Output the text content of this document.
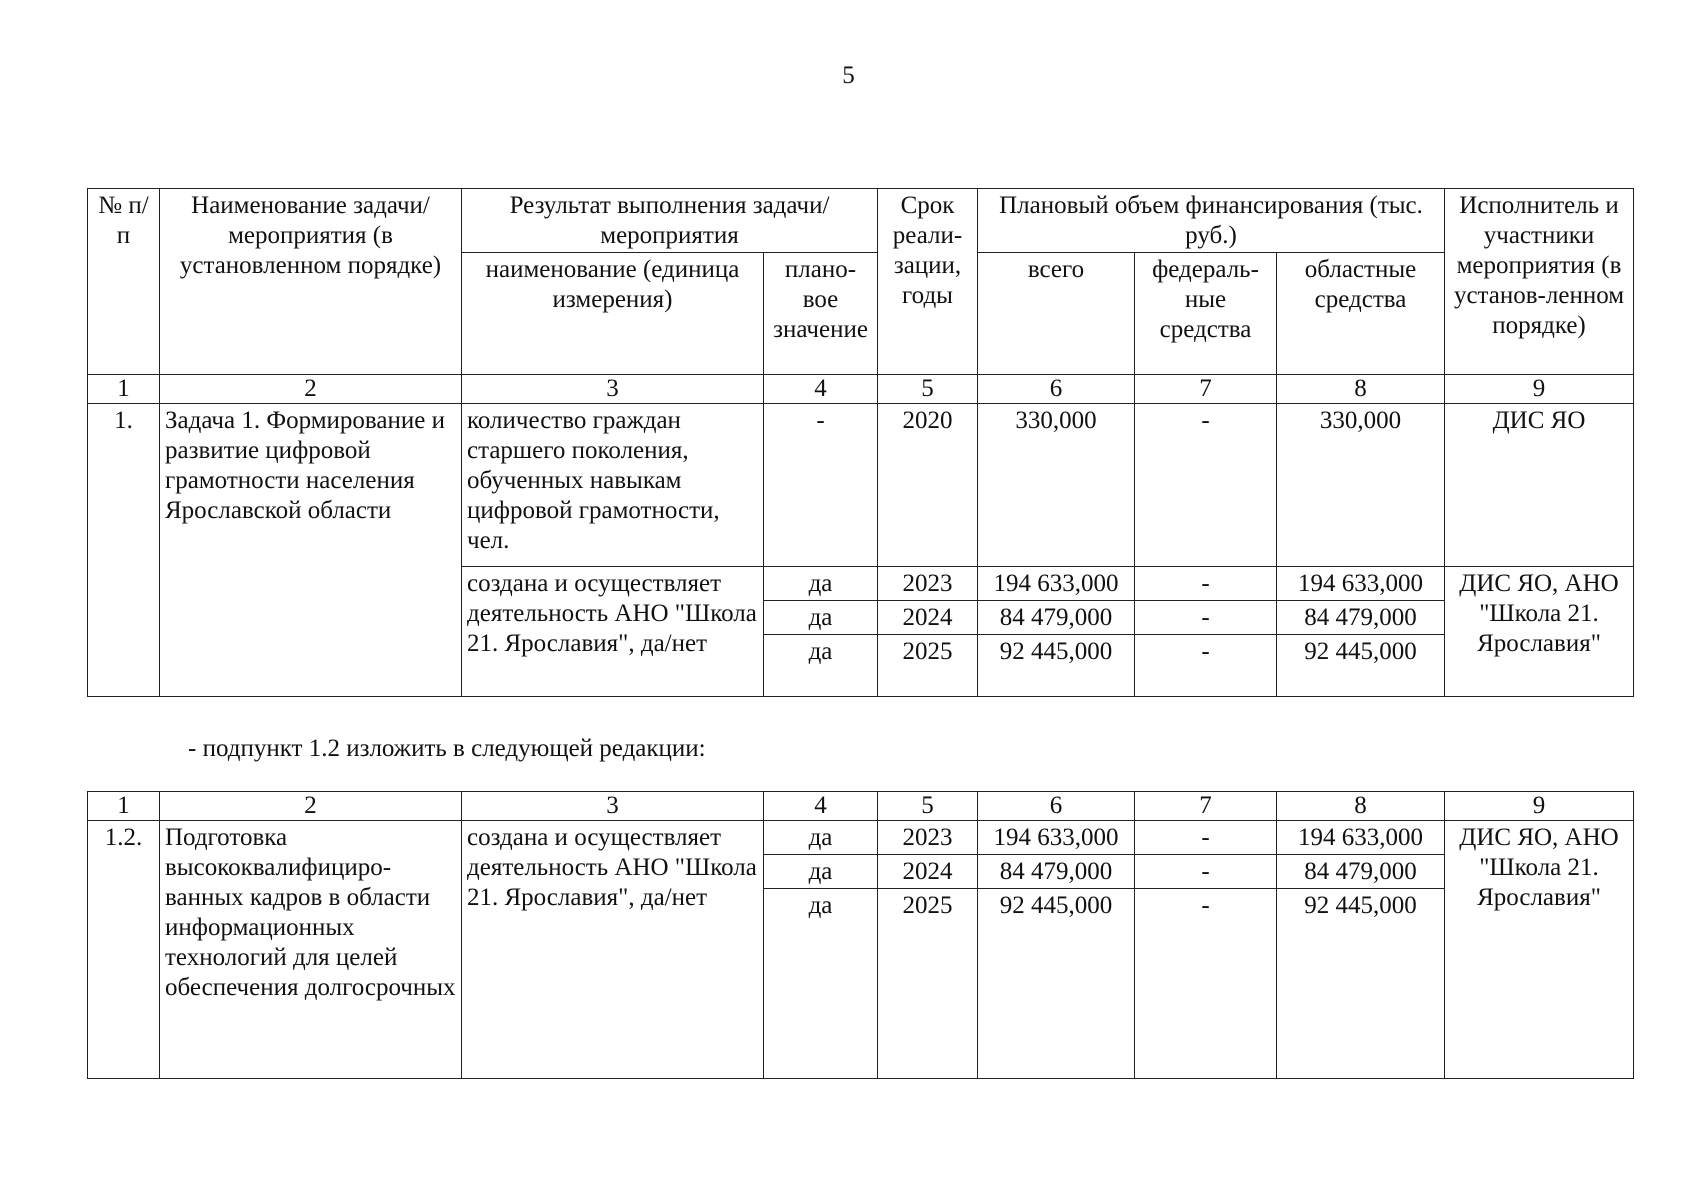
5
№ п/п	Наименование задачи/мероприятия (в установленном порядке)	Результат выполнения задачи/мероприятия		Срок реали-зации, годы	Плановый объем финансирования (тыс. руб.)			Исполнитель и участники мероприятия (в установ-ленном порядке)
		наименование (единица измерения)	плано-вое значение		всего	федераль-ные средства	областные средства	
1	2	3	4	5	6	7	8	9
1.	Задача 1. Формирование и развитие цифровой грамотности населения Ярославской области	количество граждан старшего поколения, обученных навыкам цифровой грамотности, чел.	-	2020	330,000	-	330,000	ДИС ЯО
		создана и осуществляет деятельность АНО "Школа 21. Ярославия", да/нет	да	2023	194 633,000	-	194 633,000	ДИС ЯО, АНО "Школа 21. Ярославия"
			да	2024	84 479,000	-	84 479,000	
			да	2025	92 445,000	-	92 445,000	
- подпункт 1.2 изложить в следующей редакции:
1	2	3	4	5	6	7	8	9
1.2.	Подготовка высококвалифициро-ванных кадров в области информационных технологий для целей обеспечения долгосрочных	создана и осуществляет деятельность АНО "Школа 21. Ярославия", да/нет	да	2023	194 633,000	-	194 633,000	ДИС ЯО, АНО "Школа 21. Ярославия"
			да	2024	84 479,000	-	84 479,000	
			да	2025	92 445,000	-	92 445,000	
